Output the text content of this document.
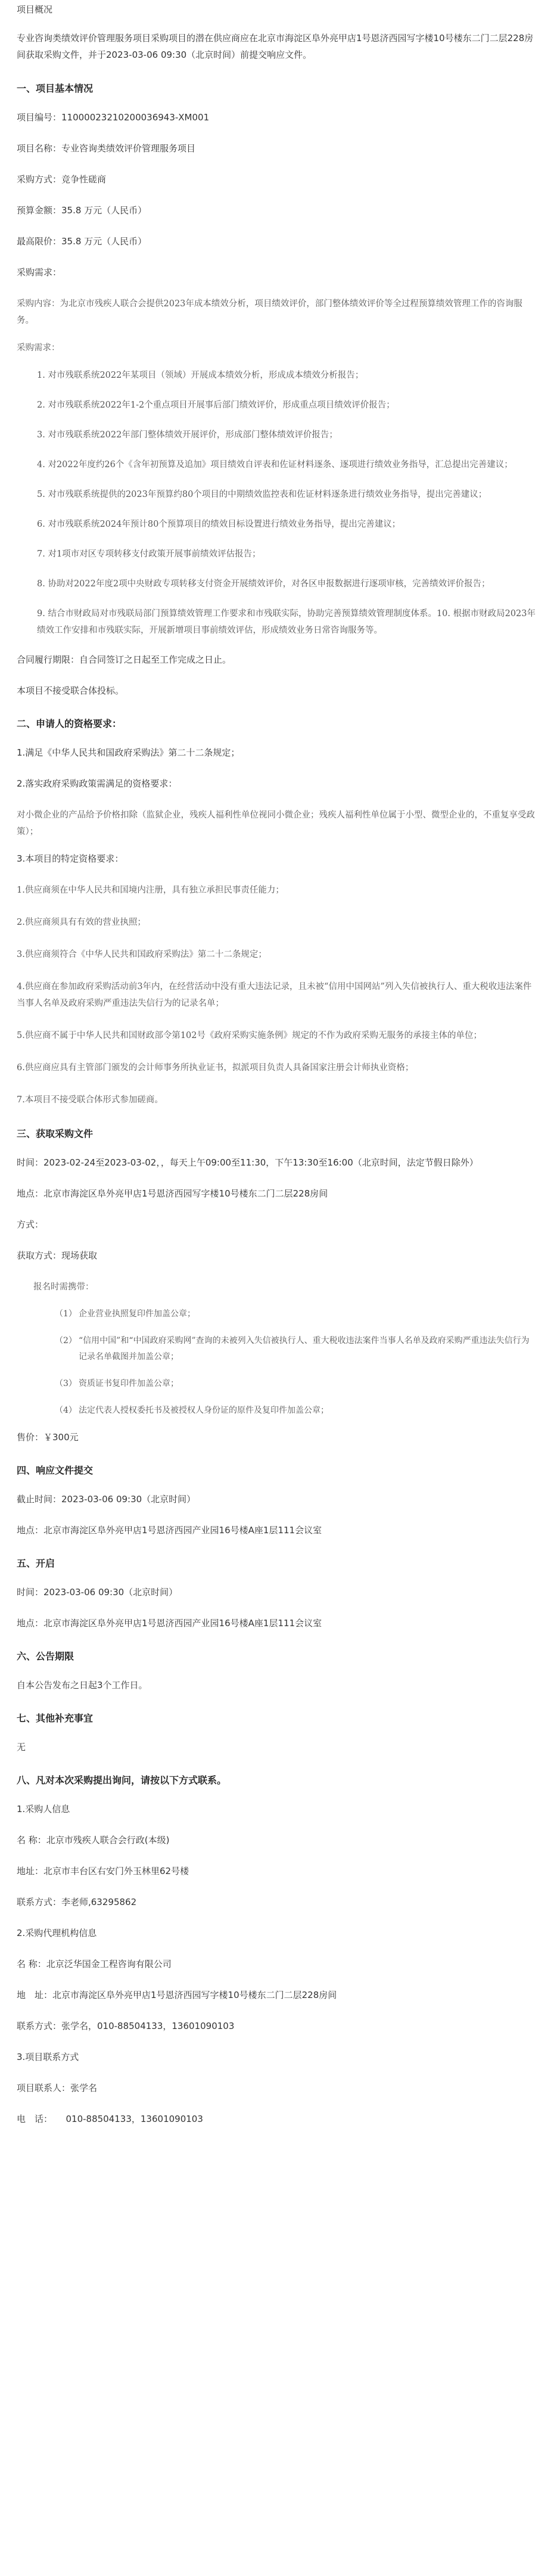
项目概况
专业咨询类绩效评价管理服务项目采购项目的潜在供应商应在北京市海淀区阜外亮甲店1号恩济西园写字楼10号楼东二门二层228房间获取采购文件，并于2023-03-06 09:30（北京时间）前提交响应文件。
一、项目基本情况
项目编号：11000023210200036943-XM001
项目名称：专业咨询类绩效评价管理服务项目
采购方式：竞争性磋商
预算金额：35.8 万元（人民币）
最高限价：35.8 万元（人民币）
采购需求：
采购内容：为北京市残疾人联合会提供2023年成本绩效分析，项目绩效评价，部门整体绩效评价等全过程预算绩效管理工作的咨询服务。
采购需求：
1. 对市残联系统2022年某项目（领域）开展成本绩效分析，形成成本绩效分析报告；
2. 对市残联系统2022年1-2个重点项目开展事后部门绩效评价，形成重点项目绩效评价报告；
3. 对市残联系统2022年部门整体绩效开展评价，形成部门整体绩效评价报告；
4. 对2022年度约26个《含年初预算及追加》项目绩效自评表和佐证材料逐条、逐项进行绩效业务指导，汇总提出完善建议；
5. 对市残联系统提供的2023年预算约80个项目的中期绩效监控表和佐证材料逐条进行绩效业务指导，提出完善建议；
6. 对市残联系统2024年预计80个预算项目的绩效目标设置进行绩效业务指导，提出完善建议；
7. 对1项市对区专项转移支付政策开展事前绩效评估报告；
8. 协助对2022年度2项中央财政专项转移支付资金开展绩效评价，对各区申报数据进行逐项审核，完善绩效评价报告；
9. 结合市财政局对市残联局部门预算绩效管理工作要求和市残联实际，协助完善预算绩效管理制度体系。10. 根据市财政局2023年绩效工作安排和市残联实际，开展新增项目事前绩效评估，形成绩效业务日常咨询服务等。
合同履行期限：自合同签订之日起至工作完成之日止。
本项目不接受联合体投标。
二、申请人的资格要求：
1.满足《中华人民共和国政府采购法》第二十二条规定；
2.落实政府采购政策需满足的资格要求：
对小微企业的产品给予价格扣除（监狱企业，残疾人福利性单位视同小微企业；残疾人福利性单位属于小型、微型企业的，不重复享受政策）；
3.本项目的特定资格要求：
1.供应商须在中华人民共和国境内注册，具有独立承担民事责任能力；
2.供应商须具有有效的营业执照；
3.供应商须符合《中华人民共和国政府采购法》第二十二条规定；
4.供应商在参加政府采购活动前3年内，在经营活动中没有重大违法记录，且未被“信用中国网站”列入失信被执行人、重大税收违法案件当事人名单及政府采购严重违法失信行为的记录名单；
5.供应商不属于中华人民共和国财政部令第102号《政府采购实施条例》规定的不作为政府采购无服务的承接主体的单位；
6.供应商应具有主管部门颁发的会计师事务所执业证书，拟派项目负责人具备国家注册会计师执业资格；
7.本项目不接受联合体形式参加磋商。
三、获取采购文件
时间：2023-02-24至2023-03-02，，每天上午09:00至11:30，下午13:30至16:00（北京时间，法定节假日除外）
地点：北京市海淀区阜外亮甲店1号恩济西园写字楼10号楼东二门二层228房间
方式：
获取方式：现场获取
报名时需携带：
（1） 企业营业执照复印件加盖公章；
（2） “信用中国”和“中国政府采购网”查询的未被列入失信被执行人、重大税收违法案件当事人名单及政府采购严重违法失信行为记录名单截图并加盖公章；
（3） 资质证书复印件加盖公章；
（4） 法定代表人授权委托书及被授权人身份证的原件及复印件加盖公章；
售价：￥300元
四、响应文件提交
截止时间：2023-03-06 09:30（北京时间）
地点：北京市海淀区阜外亮甲店1号恩济西园产业园16号楼A座1层111会议室
五、开启
时间：2023-03-06 09:30（北京时间）
地点：北京市海淀区阜外亮甲店1号恩济西园产业园16号楼A座1层111会议室
六、公告期限
自本公告发布之日起3个工作日。
七、其他补充事宜
无
八、凡对本次采购提出询问，请按以下方式联系。
1.采购人信息
名 称：北京市残疾人联合会行政(本级)
地址：北京市丰台区右安门外玉林里62号楼
联系方式：李老师,63295862
2.采购代理机构信息
名 称：北京泛华国金工程咨询有限公司
地　址：北京市海淀区阜外亮甲店1号恩济西园写字楼10号楼东二门二层228房间
联系方式：张学名，010-88504133，13601090103
3.项目联系方式
项目联系人：张学名
电　话：　　010-88504133，13601090103
